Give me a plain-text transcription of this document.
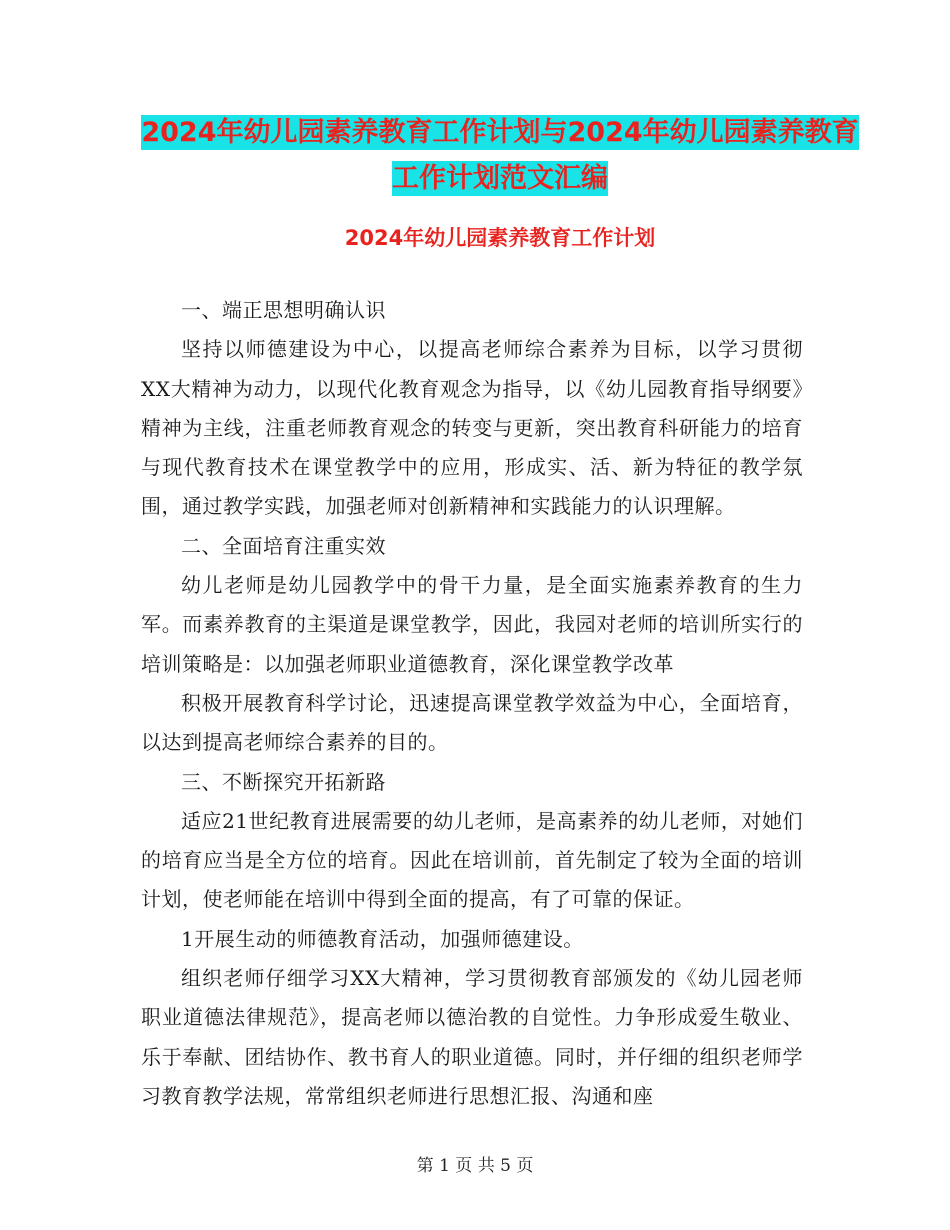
2024年幼儿园素养教育工作计划与2024年幼儿园素养教育工作计划范文汇编
2024年幼儿园素养教育工作计划

一、端正思想明确认识

坚持以师德建设为中心，以提高老师综合素养为目标，以学习贯彻XX大精神为动力，以现代化教育观念为指导，以《幼儿园教育指导纲要》精神为主线，注重老师教育观念的转变与更新，突出教育科研能力的培育与现代教育技术在课堂教学中的应用，形成实、活、新为特征的教学氛围，通过教学实践，加强老师对创新精神和实践能力的认识理解。

二、全面培育注重实效

幼儿老师是幼儿园教学中的骨干力量，是全面实施素养教育的生力军。而素养教育的主渠道是课堂教学，因此，我园对老师的培训所实行的培训策略是：以加强老师职业道德教育，深化课堂教学改革

积极开展教育科学讨论，迅速提高课堂教学效益为中心，全面培育，以达到提高老师综合素养的目的。

三、不断探究开拓新路

适应21世纪教育进展需要的幼儿老师，是高素养的幼儿老师，对她们的培育应当是全方位的培育。因此在培训前，首先制定了较为全面的培训计划，使老师能在培训中得到全面的提高，有了可靠的保证。

1开展生动的师德教育活动，加强师德建设。

组织老师仔细学习XX大精神，学习贯彻教育部颁发的《幼儿园老师职业道德法律规范》，提高老师以德治教的自觉性。力争形成爱生敬业、乐于奉献、团结协作、教书育人的职业道德。同时，并仔细的组织老师学习教育教学法规，常常组织老师进行思想汇报、沟通和座

第 1 页 共 5 页
